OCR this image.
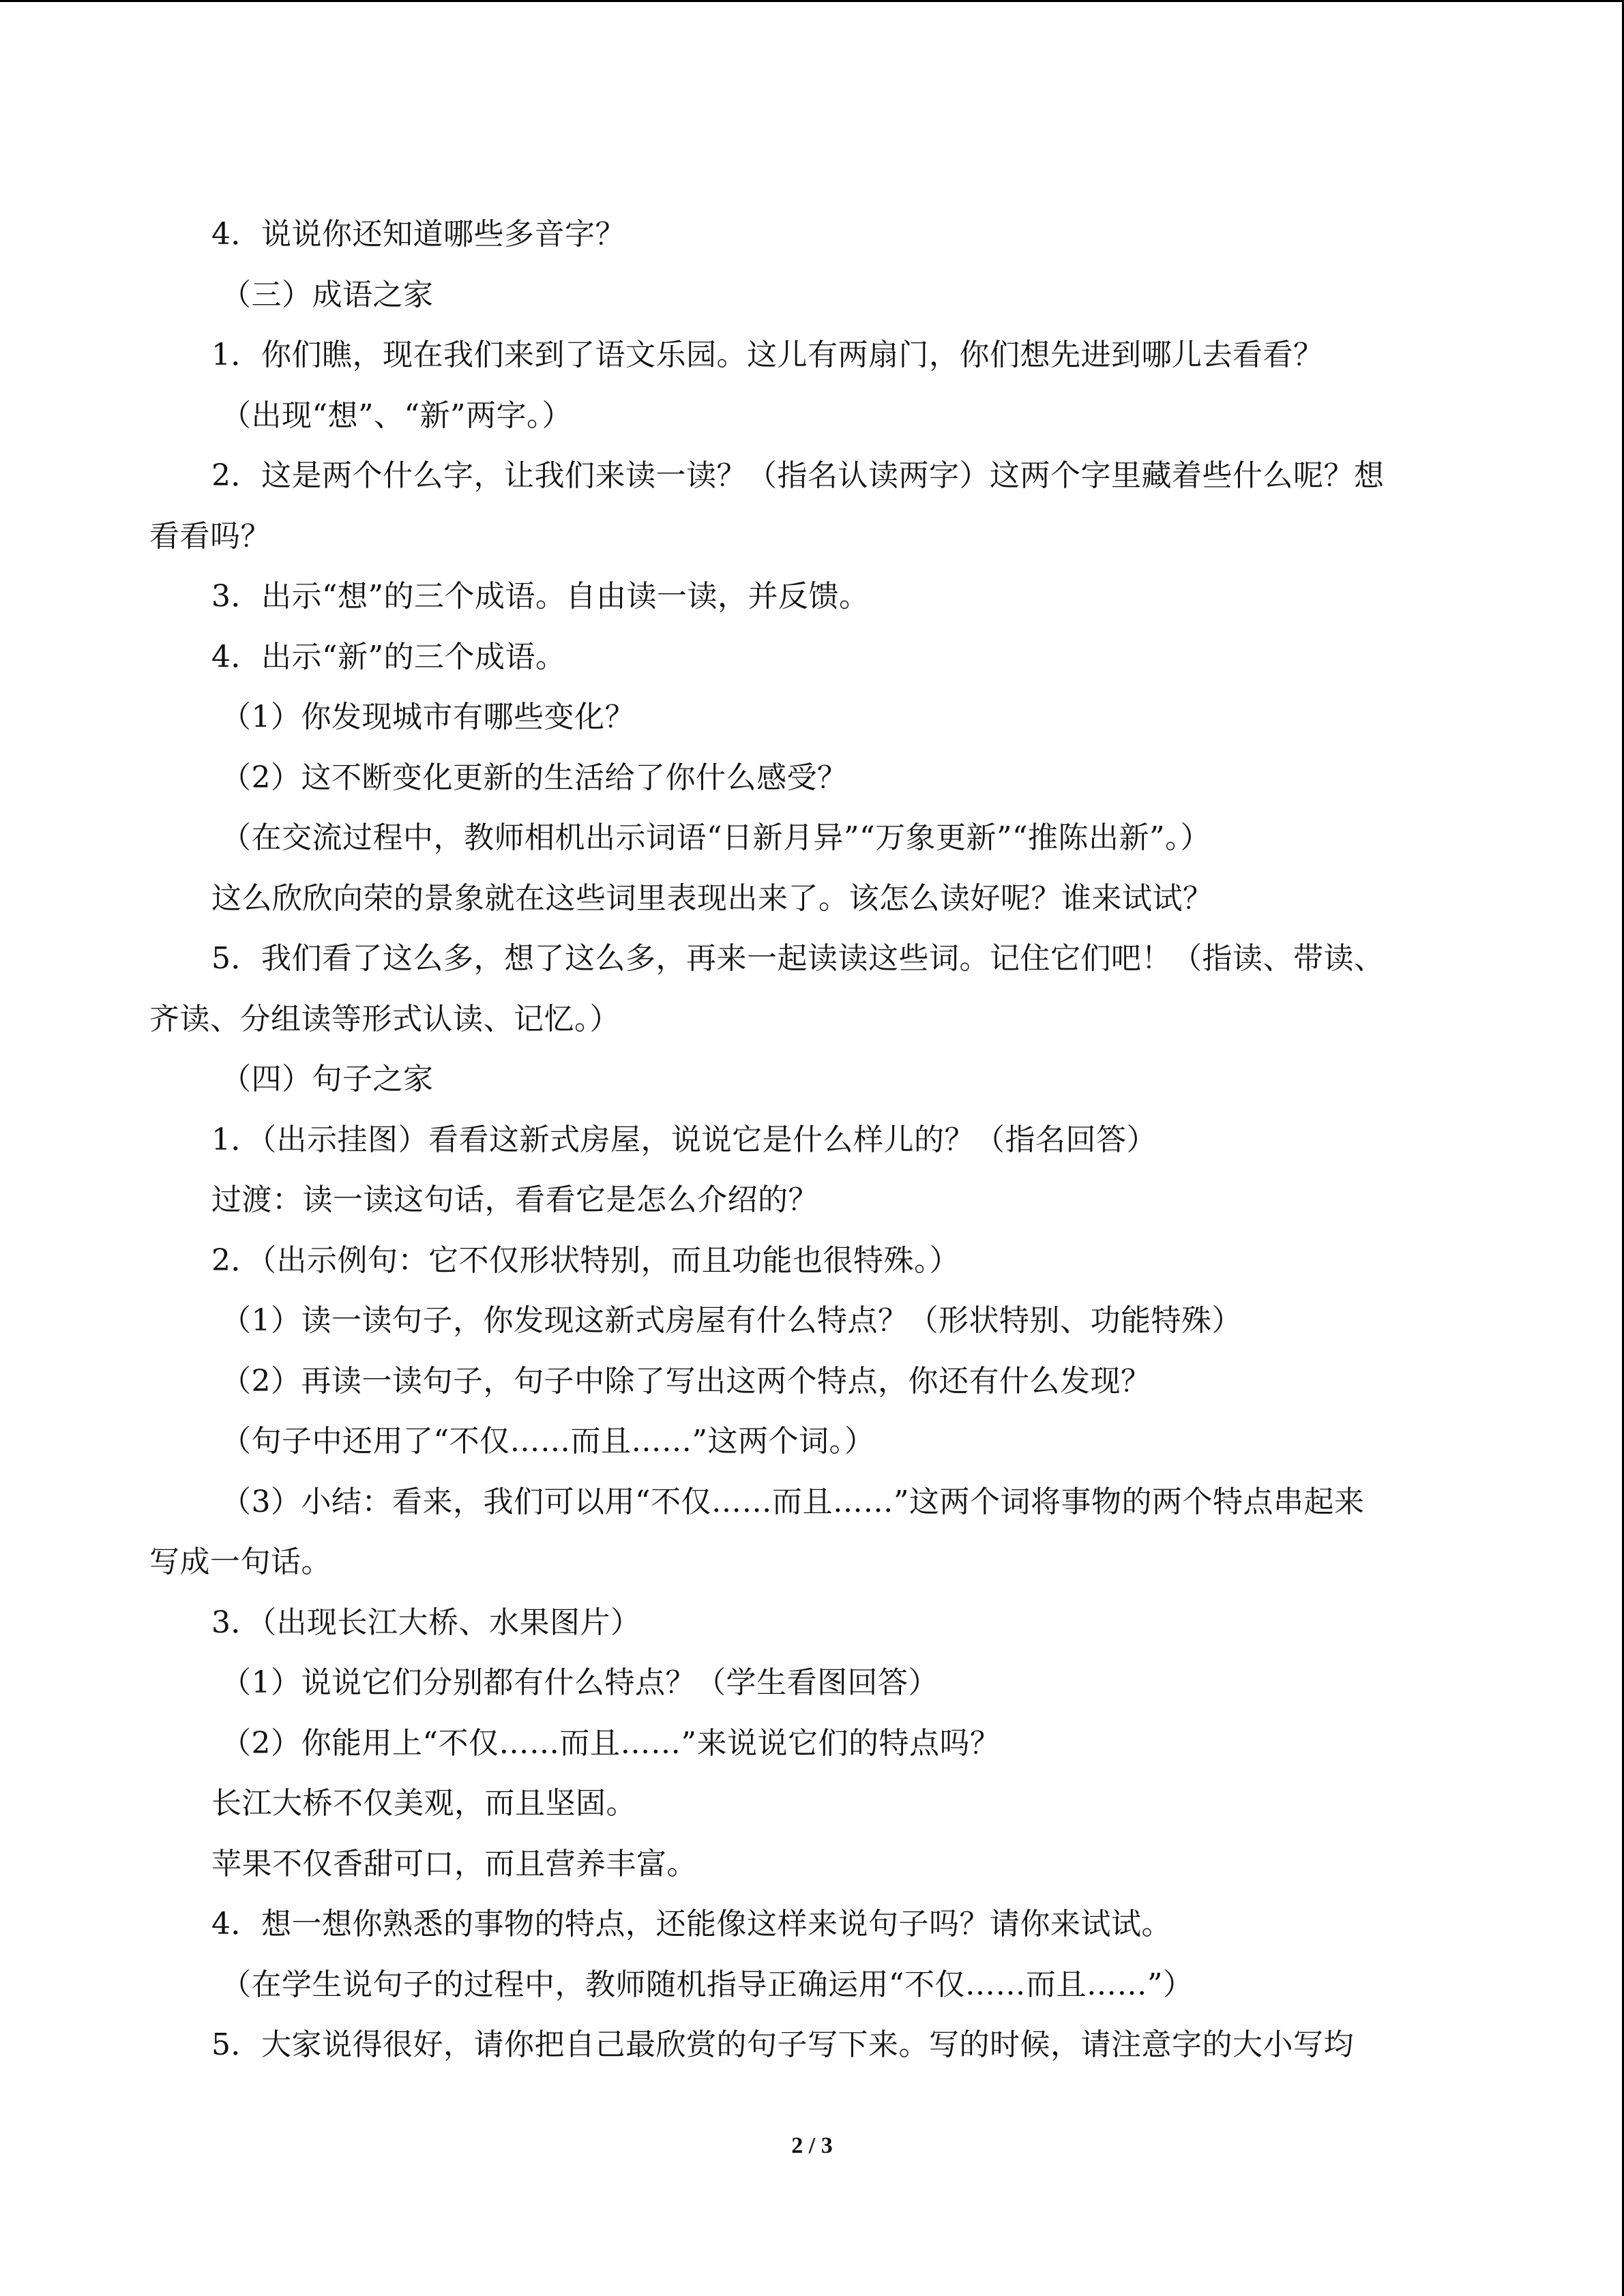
4．说说你还知道哪些多音字？
（三）成语之家
1．你们瞧，现在我们来到了语文乐园。这儿有两扇门，你们想先进到哪儿去看看？
（出现“想”、“新”两字。）
2．这是两个什么字，让我们来读一读？（指名认读两字）这两个字里藏着些什么呢？想
看看吗？
3．出示“想”的三个成语。自由读一读，并反馈。
4．出示“新”的三个成语。
（1）你发现城市有哪些变化？
（2）这不断变化更新的生活给了你什么感受？
（在交流过程中，教师相机出示词语“日新月异”“万象更新”“推陈出新”。）
这么欣欣向荣的景象就在这些词里表现出来了。该怎么读好呢？谁来试试？
5．我们看了这么多，想了这么多，再来一起读读这些词。记住它们吧！（指读、带读、
齐读、分组读等形式认读、记忆。）
（四）句子之家
1．（出示挂图）看看这新式房屋，说说它是什么样儿的？（指名回答）
过渡：读一读这句话，看看它是怎么介绍的？
2．（出示例句：它不仅形状特别，而且功能也很特殊。）
（1）读一读句子，你发现这新式房屋有什么特点？（形状特别、功能特殊）
（2）再读一读句子，句子中除了写出这两个特点，你还有什么发现？
（句子中还用了“不仅……而且……”这两个词。）
（3）小结：看来，我们可以用“不仅……而且……”这两个词将事物的两个特点串起来
写成一句话。
3．（出现长江大桥、水果图片）
（1）说说它们分别都有什么特点？（学生看图回答）
（2）你能用上“不仅……而且……”来说说它们的特点吗？
长江大桥不仅美观，而且坚固。
苹果不仅香甜可口，而且营养丰富。
4．想一想你熟悉的事物的特点，还能像这样来说句子吗？请你来试试。
（在学生说句子的过程中，教师随机指导正确运用“不仅……而且……”）
5．大家说得很好，请你把自己最欣赏的句子写下来。写的时候，请注意字的大小写均
2 / 3
